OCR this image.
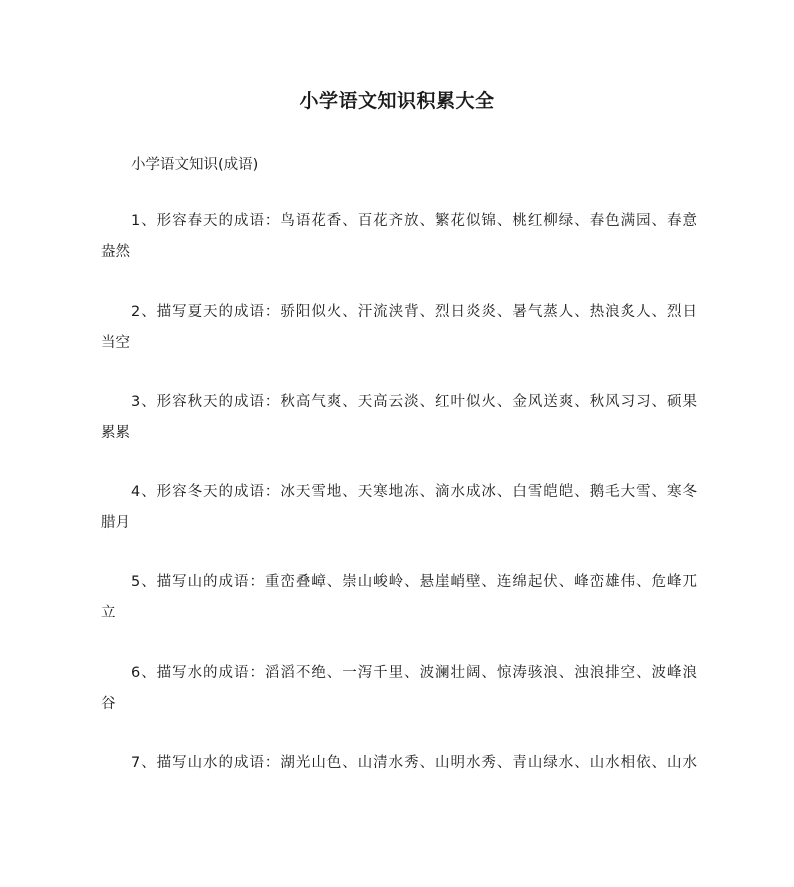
小学语文知识积累大全
小学语文知识(成语)
1、形容春天的成语：鸟语花香、百花齐放、繁花似锦、桃红柳绿、春色满园、春意
盎然
2、描写夏天的成语：骄阳似火、汗流浃背、烈日炎炎、暑气蒸人、热浪炙人、烈日
当空
3、形容秋天的成语：秋高气爽、天高云淡、红叶似火、金风送爽、秋风习习、硕果
累累
4、形容冬天的成语：冰天雪地、天寒地冻、滴水成冰、白雪皑皑、鹅毛大雪、寒冬
腊月
5、描写山的成语：重峦叠嶂、崇山峻岭、悬崖峭壁、连绵起伏、峰峦雄伟、危峰兀
立
6、描写水的成语：滔滔不绝、一泻千里、波澜壮阔、惊涛骇浪、浊浪排空、波峰浪
谷
7、描写山水的成语：湖光山色、山清水秀、山明水秀、青山绿水、山水相依、山水
